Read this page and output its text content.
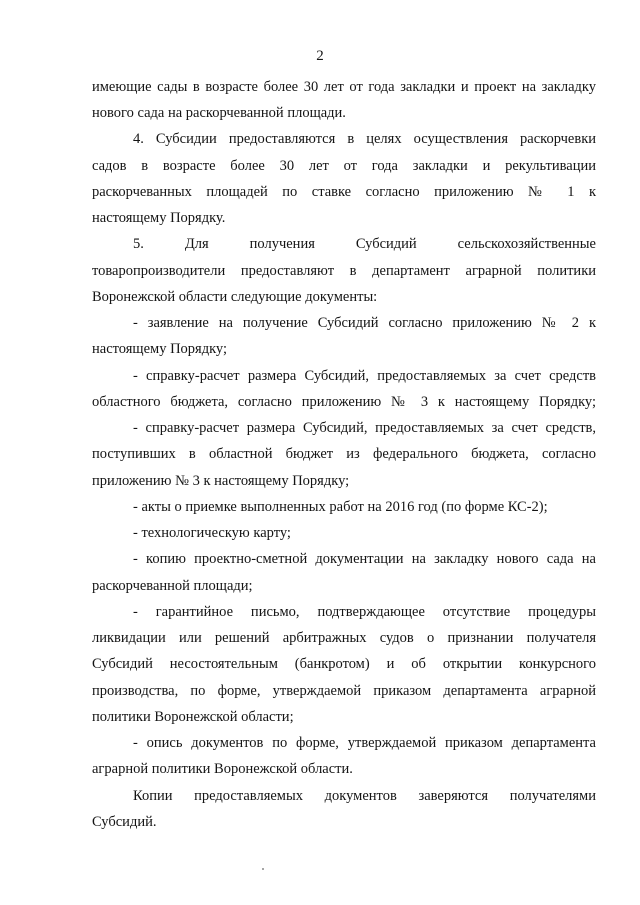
2
имеющие сады в возрасте более 30 лет от года закладки и проект на закладку
нового сада на раскорчеванной площади.
4. Субсидии предоставляются в целях осуществления раскорчевки
садов в возрасте более 30 лет от года закладки и рекультивации
раскорчеванных площадей по ставке согласно приложению № 1 к
настоящему Порядку.
5. Для получения Субсидий сельскохозяйственные
товаропроизводители предоставляют в департамент аграрной политики
Воронежской области следующие документы:
- заявление на получение Субсидий согласно приложению № 2 к
настоящему Порядку;
- справку-расчет размера Субсидий, предоставляемых за счет средств
областного бюджета, согласно приложению № 3 к настоящему Порядку;
- справку-расчет размера Субсидий, предоставляемых за счет средств,
поступивших в областной бюджет из федерального бюджета, согласно
приложению № 3 к настоящему Порядку;
- акты о приемке выполненных работ на 2016 год (по форме КС-2);
- технологическую карту;
- копию проектно-сметной документации на закладку нового сада на
раскорчеванной площади;
- гарантийное письмо, подтверждающее отсутствие процедуры
ликвидации или решений арбитражных судов о признании получателя
Субсидий несостоятельным (банкротом) и об открытии конкурсного
производства, по форме, утверждаемой приказом департамента аграрной
политики Воронежской области;
- опись документов по форме, утверждаемой приказом департамента
аграрной политики Воронежской области.
Копии предоставляемых документов заверяются получателями
Субсидий.
